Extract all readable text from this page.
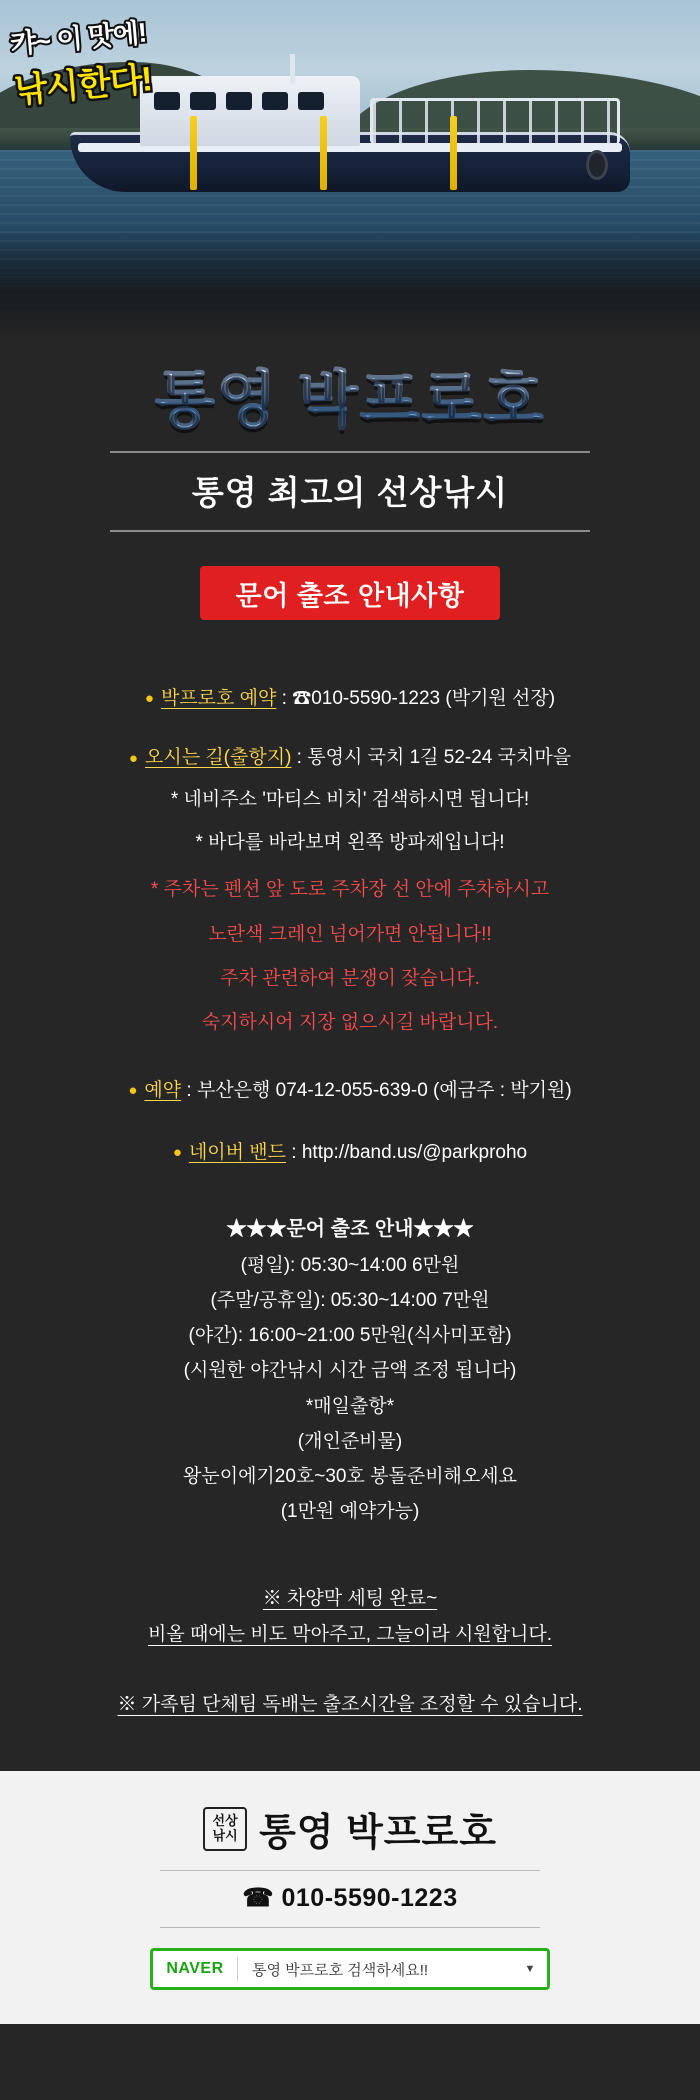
캬~ 이 맛에!
낚시한다!
통영 박프로호
통영 최고의 선상낚시
문어 출조 안내사항
● 박프로호 예약 : ☎010-5590-1223 (박기원 선장)
● 오시는 길(출항지) : 통영시 국치 1길 52-24 국치마을
* 네비주소 '마티스 비치' 검색하시면 됩니다!
* 바다를 바라보며 왼쪽 방파제입니다!
* 주차는 펜션 앞 도로 주차장 선 안에 주차하시고
노란색 크레인 넘어가면 안됩니다!!
주차 관련하여 분쟁이 잦습니다.
숙지하시어 지장 없으시길 바랍니다.
● 예약 : 부산은행 074-12-055-639-0 (예금주 : 박기원)
● 네이버 밴드 : http://band.us/@parkproho
★★★문어 출조 안내★★★
(평일): 05:30~14:00 6만원
(주말/공휴일): 05:30~14:00 7만원
(야간): 16:00~21:00 5만원(식사미포함)
(시원한 야간낚시 시간 금액 조정 됩니다)
*매일출항*
(개인준비물)
왕눈이에기20호~30호 봉돌준비해오세요
(1만원 예약가능)
※ 차양막 세팅 완료~
비올 때에는 비도 막아주고, 그늘이라 시원합니다.
※ 가족팀 단체팀 독배는 출조시간을 조정할 수 있습니다.
선상
낚시 통영 박프로호
☎ 010-5590-1223
NAVER	통영 박프로호 검색하세요!!	▼
